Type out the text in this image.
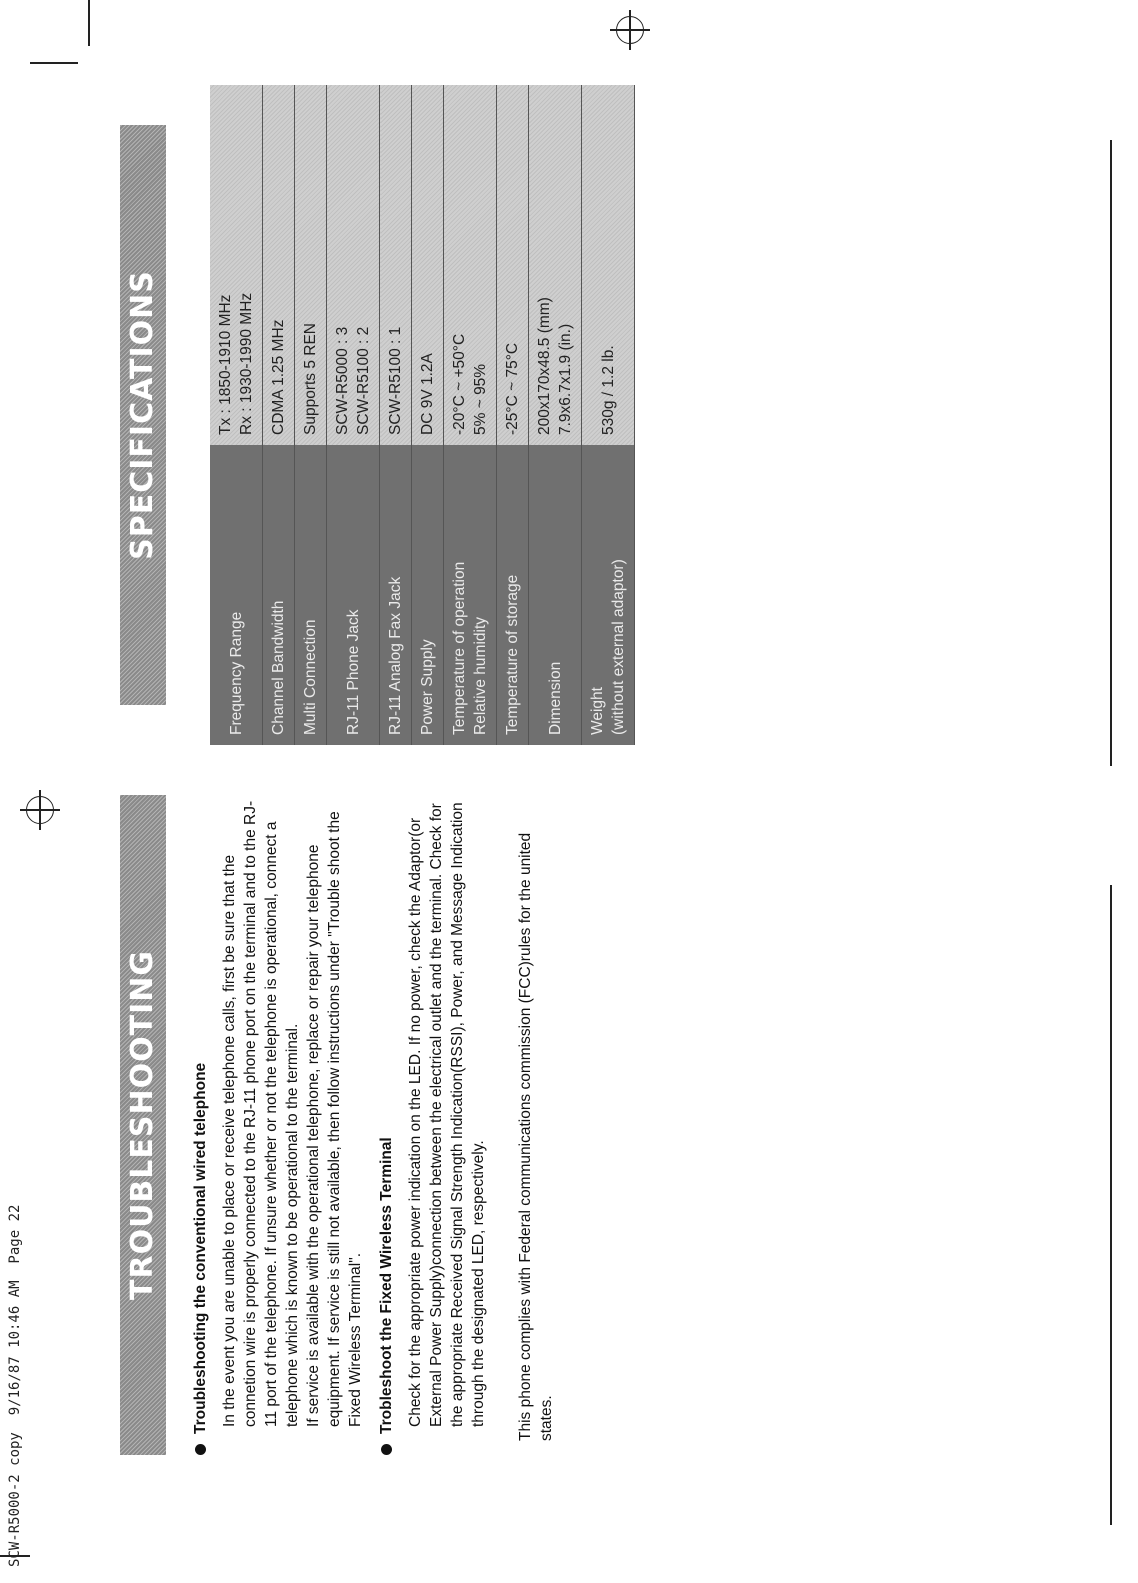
SCW-R5000-2 copy  9/16/87 10:46 AM  Page 22
TROUBLESHOOTING	Troubleshooting the conventional wired telephone In the event you are unable to place or receive telephone calls, first be sure that the connetion wire is properly connected to the RJ-11 phone port on the terminal and to the RJ-11 port of the telephone. If unsure whether or not the telephone is operational, connect a telephone which is known to be operational to the terminal. If service is available with the operational telephone, replace or repair your telephone equipment. If service is still not available, then follow instructions under "Trouble shoot the Fixed Wireless Terminal". Trobleshoot the Fixed Wireless Terminal Check for the appropriate power indication on the LED. If no power, check the Adaptor(or External Power Supply)connection between the electrical outlet and the terminal. Check for the appropriate Received Signal Strength Indication(RSSI), Power, and Message Indication through the designated LED, respectively. This phone complies with Federal communications commission (FCC)rules for the united states.

SPECIFICATIONS
Frequency Range	Tx : 1850-1910 MHz Rx : 1930-1990 MHz

Channel Bandwidth	CDMA 1.25 MHz

Multi Connection	Supports 5 REN

RJ-11 Phone Jack	SCW-R5000 : 3 SCW-R5100 : 2

RJ-11 Analog Fax Jack	SCW-R5100 : 1

Power Supply	DC 9V 1.2A

Temperature of operation Relative humidity	-20°C ~ +50°C 5% ~ 95%

Temperature of storage	-25°C ~ 75°C

Dimension	200x170x48.5 (mm) 7.9x6.7x1.9 (in.)

Weight (without external adaptor)	530g / 1.2 lb.
